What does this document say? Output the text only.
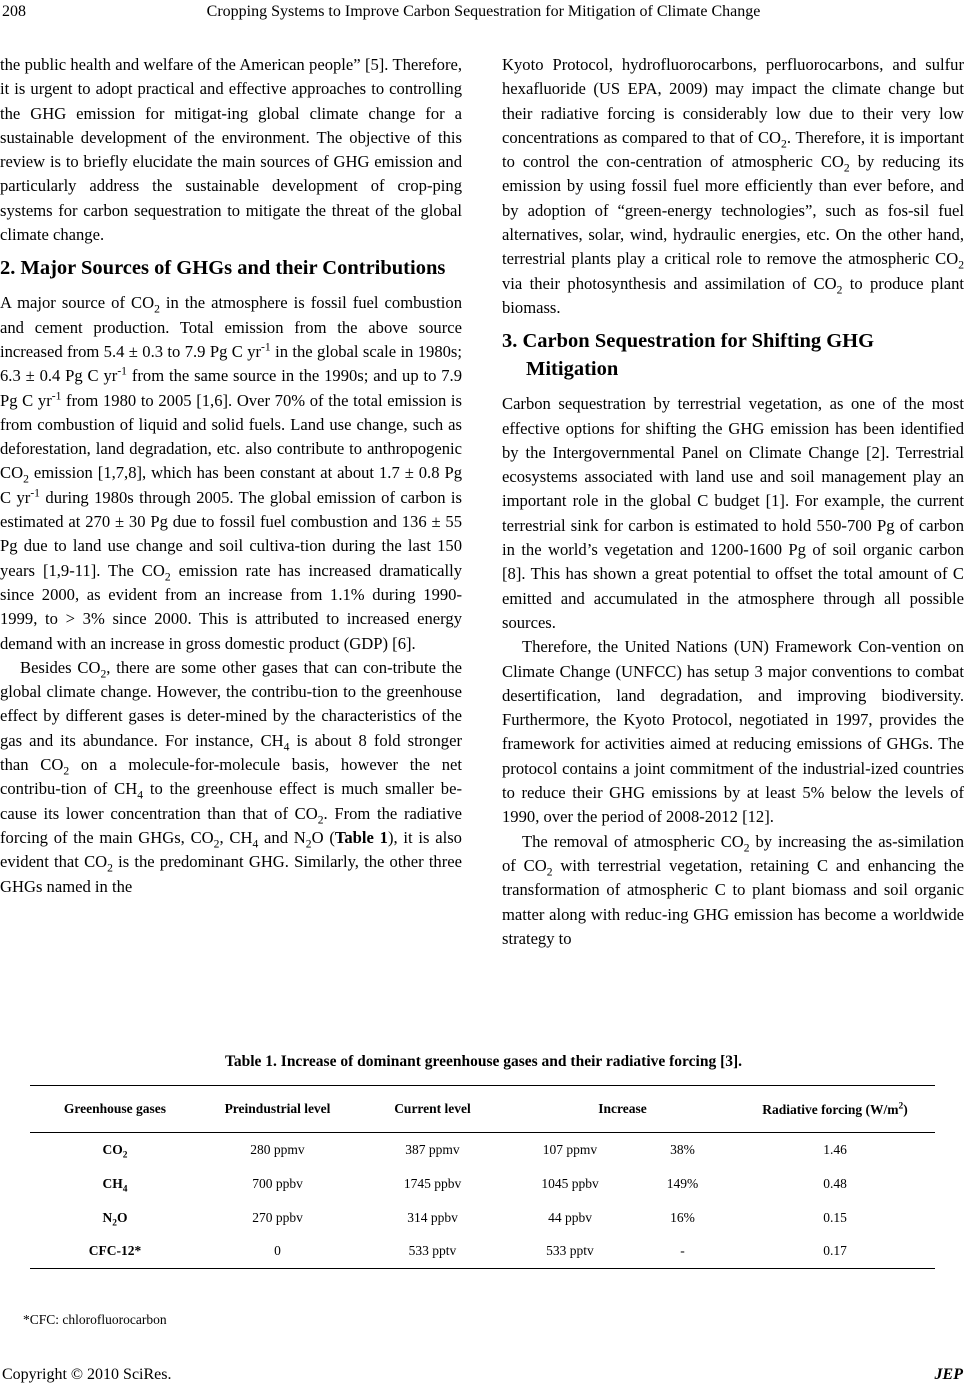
208	Cropping Systems to Improve Carbon Sequestration for Mitigation of Climate Change

the public health and welfare of the American people” [5]. Therefore, it is urgent to adopt practical and effective approaches to controlling the GHG emission for mitigat-ing global climate change for a sustainable development of the environment. The objective of this review is to briefly elucidate the main sources of GHG emission and particularly address the sustainable development of crop-ping systems for carbon sequestration to mitigate the threat of the global climate change.

2. Major Sources of GHGs and their Contributions

A major source of $CO_2$ in the atmosphere is fossil fuel combustion and cement production. Total emission from the above source increased from 5.4 ± 0.3 to 7.9 Pg C $yr^{-1}$ in the global scale in 1980s; 6.3 ± 0.4 Pg C $yr^{-1}$ from the same source in the 1990s; and up to 7.9 Pg C $yr^{-1}$ from 1980 to 2005 [1,6]. Over 70% of the total emission is from combustion of liquid and solid fuels. Land use change, such as deforestation, land degradation, etc. also contribute to anthropogenic $CO_2$ emission [1,7,8], which has been constant at about 1.7 ± 0.8 Pg C $yr^{-1}$ during 1980s through 2005. The global emission of carbon is estimated at 270 ± 30 Pg due to fossil fuel combustion and 136 ± 55 Pg due to land use change and soil cultiva-tion during the last 150 years [1,9-11]. The $CO_2$ emission rate has increased dramatically since 2000, as evident from an increase from 1.1% during 1990-1999, to > 3% since 2000. This is attributed to increased energy demand with an increase in gross domestic product (GDP) [6].

Besides $CO_2$, there are some other gases that can con-tribute the global climate change. However, the contribu-tion to the greenhouse effect by different gases is deter-mined by the characteristics of the gas and its abundance. For instance, $CH_4$ is about 8 fold stronger than $CO_2$ on a molecule-for-molecule basis, however the net contribu-tion of $CH_4$ to the greenhouse effect is much smaller be-cause its lower concentration than that of $CO_2$. From the radiative forcing of the main GHGs, $CO_2$, $CH_4$ and $N_2O$ (Table 1), it is also evident that $CO_2$ is the predominant GHG. Similarly, the other three GHGs named in the

Kyoto Protocol, hydrofluorocarbons, perfluorocarbons, and sulfur hexafluoride (US EPA, 2009) may impact the climate change but their radiative forcing is considerably low due to their very low concentrations as compared to that of $CO_2$. Therefore, it is important to control the con-centration of atmospheric $CO_2$ by reducing its emission by using fossil fuel more efficiently than ever before, and by adoption of “green-energy technologies”, such as fos-sil fuel alternatives, solar, wind, hydraulic energies, etc. On the other hand, terrestrial plants play a critical role to remove the atmospheric $CO_2$ via their photosynthesis and assimilation of $CO_2$ to produce plant biomass.

3. Carbon Sequestration for Shifting GHG Mitigation

Carbon sequestration by terrestrial vegetation, as one of the most effective options for shifting the GHG emission has been identified by the Intergovernmental Panel on Climate Change [2]. Terrestrial ecosystems associated with land use and soil management play an important role in the global C budget [1]. For example, the current terrestrial sink for carbon is estimated to hold 550-700 Pg of carbon in the world’s vegetation and 1200-1600 Pg of soil organic carbon [8]. This has shown a great potential to offset the total amount of C emitted and accumulated in the atmosphere through all possible sources.

Therefore, the United Nations (UN) Framework Con-vention on Climate Change (UNFCC) has setup 3 major conventions to combat desertification, land degradation, and improving biodiversity. Furthermore, the Kyoto Protocol, negotiated in 1997, provides the framework for activities aimed at reducing emissions of GHGs. The protocol contains a joint commitment of the industrial-ized countries to reduce their GHG emissions by at least 5% below the levels of 1990, over the period of 2008-2012 [12].

The removal of atmospheric $CO_2$ by increasing the as-similation of $CO_2$ with terrestrial vegetation, retaining C and enhancing the transformation of atmospheric C to plant biomass and soil organic matter along with reduc-ing GHG emission has become a worldwide strategy to

Table 1. Increase of dominant greenhouse gases and their radiative forcing [3].
Greenhouse gases	Preindustrial level	Current level	Increase		Radiative forcing $(W/m^2)$
$CO_2$	280 ppmv	387 ppmv	107 ppmv	38%	1.46
$CH_4$	700 ppbv	1745 ppbv	1045 ppbv	149%	0.48
$N_2O$	270 ppbv	314 ppbv	44 ppbv	16%	0.15
CFC-12*	0	533 pptv	533 pptv	-	0.17
*CFC: chlorofluorocarbon
Copyright © 2010 SciRes.	JEP
